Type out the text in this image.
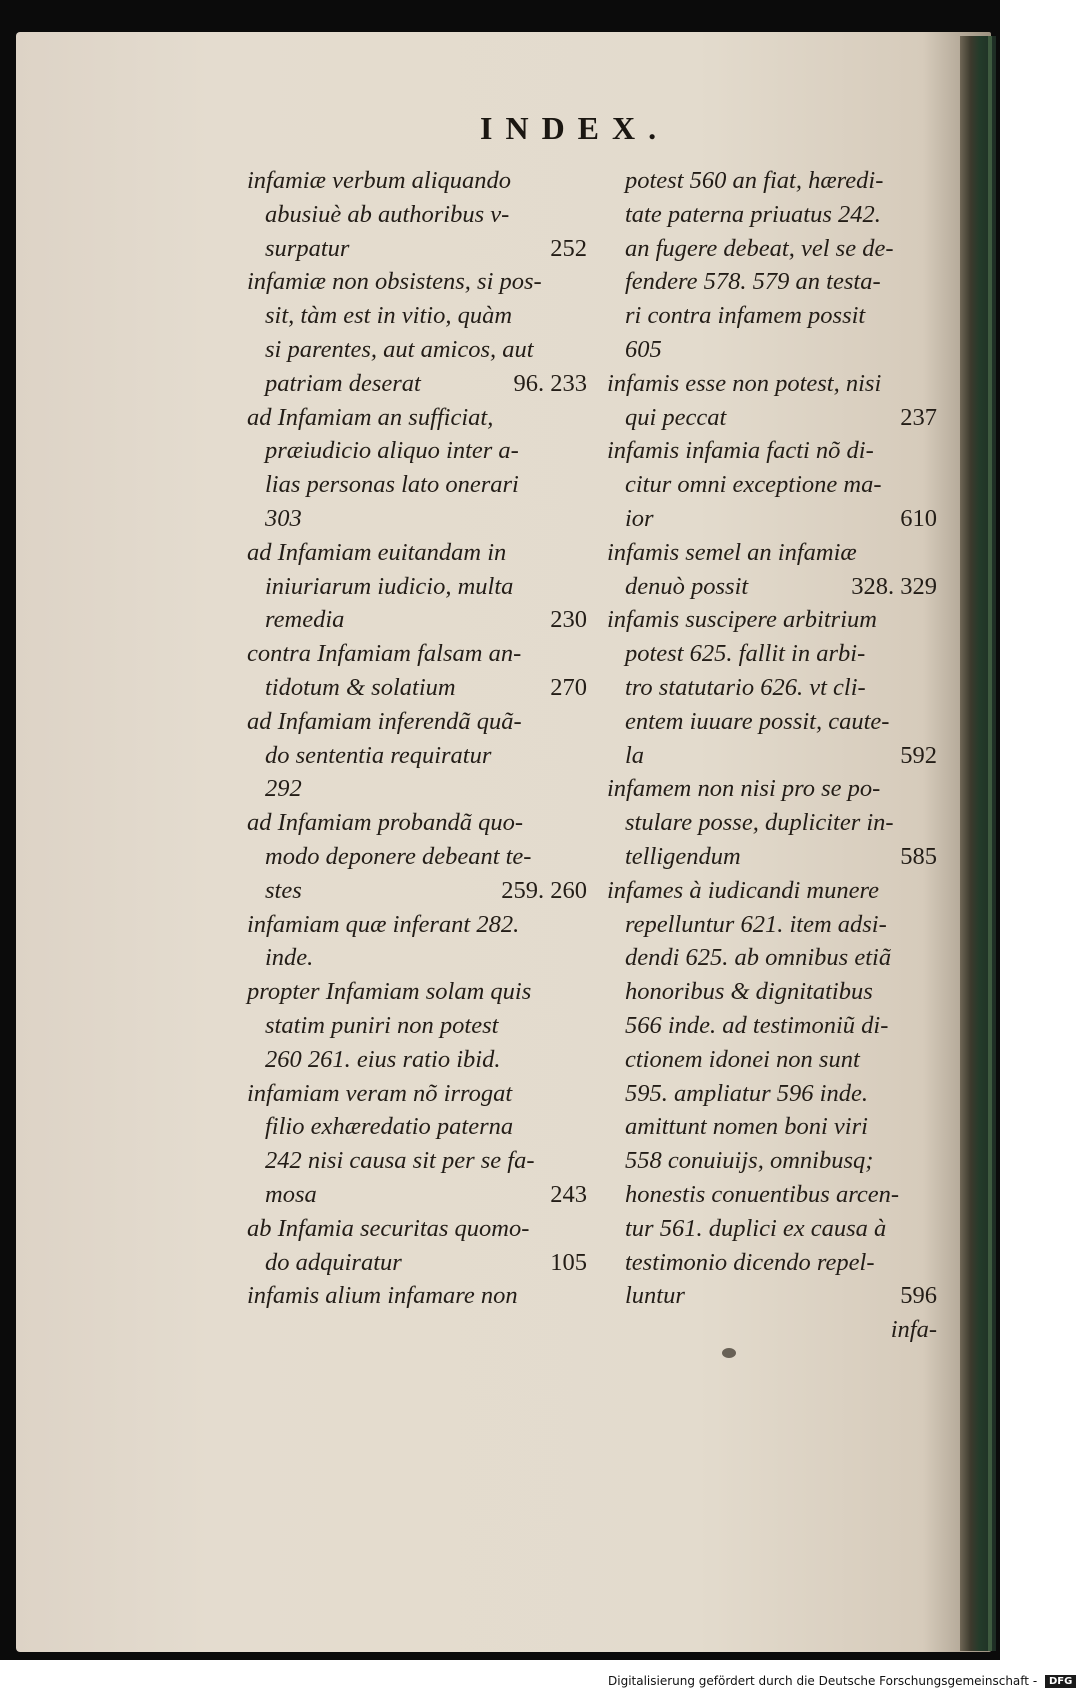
INDEX.
infamiæ verbum aliquando
abusiuè ab authoribus v-
surpatur	252
infamiæ non obsistens, si pos-
sit, tàm est in vitio, quàm
si parentes, aut amicos, aut
patriam deserat	96. 233
ad Infamiam an sufficiat,
præiudicio aliquo inter a-
lias personas lato onerari
303
ad Infamiam euitandam in
iniuriarum iudicio, multa
remedia	230
contra Infamiam falsam an-
tidotum & solatium	270
ad Infamiam inferendã quã-
do sententia requiratur
292
ad Infamiam probandã quo-
modo deponere debeant te-
stes	259. 260
infamiam quæ inferant 282.
inde.
propter Infamiam solam quis
statim puniri non potest
260 261. eius ratio ibid.
infamiam veram nõ irrogat
filio exhæredatio paterna
242 nisi causa sit per se fa-
mosa	243
ab Infamia securitas quomo-
do adquiratur	105
infamis alium infamare non
potest 560 an fiat, hæredi-
tate paterna priuatus 242.
an fugere debeat, vel se de-
fendere 578. 579 an testa-
ri contra infamem possit
605
infamis esse non potest, nisi
qui peccat	237
infamis infamia facti nõ di-
citur omni exceptione ma-
ior	610
infamis semel an infamiæ
denuò possit	328. 329
infamis suscipere arbitrium
potest 625. fallit in arbi-
tro statutario 626. vt cli-
entem iuuare possit, caute-
la	592
infamem non nisi pro se po-
stulare posse, dupliciter in-
telligendum	585
infames à iudicandi munere
repelluntur 621. item adsi-
dendi 625. ab omnibus etiã
honoribus & dignitatibus
566 inde. ad testimoniũ di-
ctionem idonei non sunt
595. ampliatur 596 inde.
amittunt nomen boni viri
558 conuiuijs, omnibusq;
honestis conuentibus arcen-
tur 561. duplici ex causa à
testimonio dicendo repel-
luntur	596
infa-
Digitalisierung gefördert durch die Deutsche Forschungsgemeinschaft - DFG
